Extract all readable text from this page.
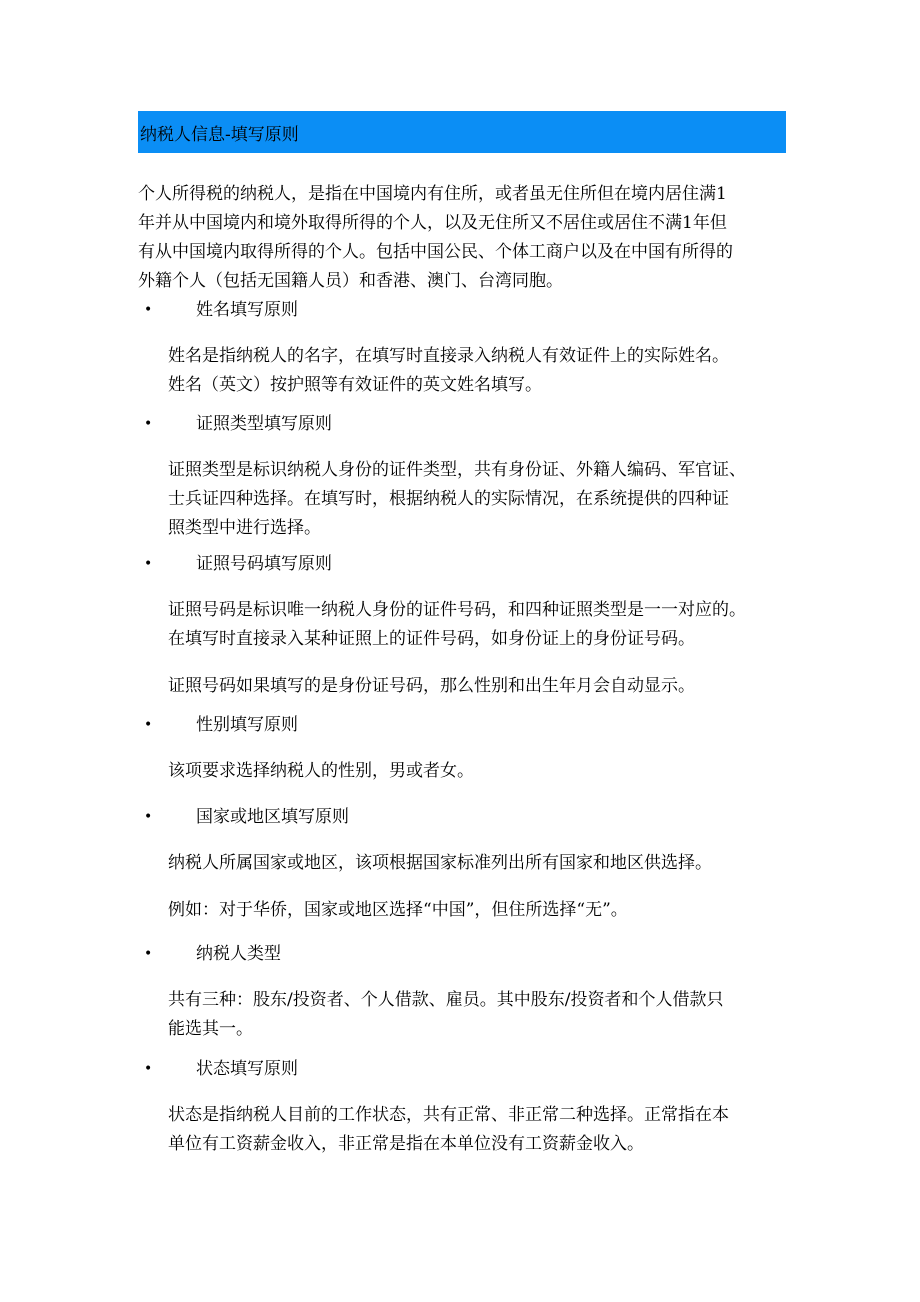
纳税人信息-填写原则
个人所得税的纳税人，是指在中国境内有住所，或者虽无住所但在境内居住满1
年并从中国境内和境外取得所得的个人，以及无住所又不居住或居住不满1年但
有从中国境内取得所得的个人。包括中国公民、个体工商户以及在中国有所得的
外籍个人（包括无国籍人员）和香港、澳门、台湾同胞。
•	姓名填写原则
姓名是指纳税人的名字，在填写时直接录入纳税人有效证件上的实际姓名。
姓名（英文）按护照等有效证件的英文姓名填写。
•	证照类型填写原则
证照类型是标识纳税人身份的证件类型，共有身份证、外籍人编码、军官证、
士兵证四种选择。在填写时，根据纳税人的实际情况，在系统提供的四种证
照类型中进行选择。
•	证照号码填写原则
证照号码是标识唯一纳税人身份的证件号码，和四种证照类型是一一对应的。
在填写时直接录入某种证照上的证件号码，如身份证上的身份证号码。
证照号码如果填写的是身份证号码，那么性别和出生年月会自动显示。
•	性别填写原则
该项要求选择纳税人的性别，男或者女。
•	国家或地区填写原则
纳税人所属国家或地区，该项根据国家标准列出所有国家和地区供选择。
例如：对于华侨，国家或地区选择“中国”，但住所选择“无”。
•	纳税人类型
共有三种：股东/投资者、个人借款、雇员。其中股东/投资者和个人借款只
能选其一。
•	状态填写原则
状态是指纳税人目前的工作状态，共有正常、非正常二种选择。正常指在本
单位有工资薪金收入，非正常是指在本单位没有工资薪金收入。
